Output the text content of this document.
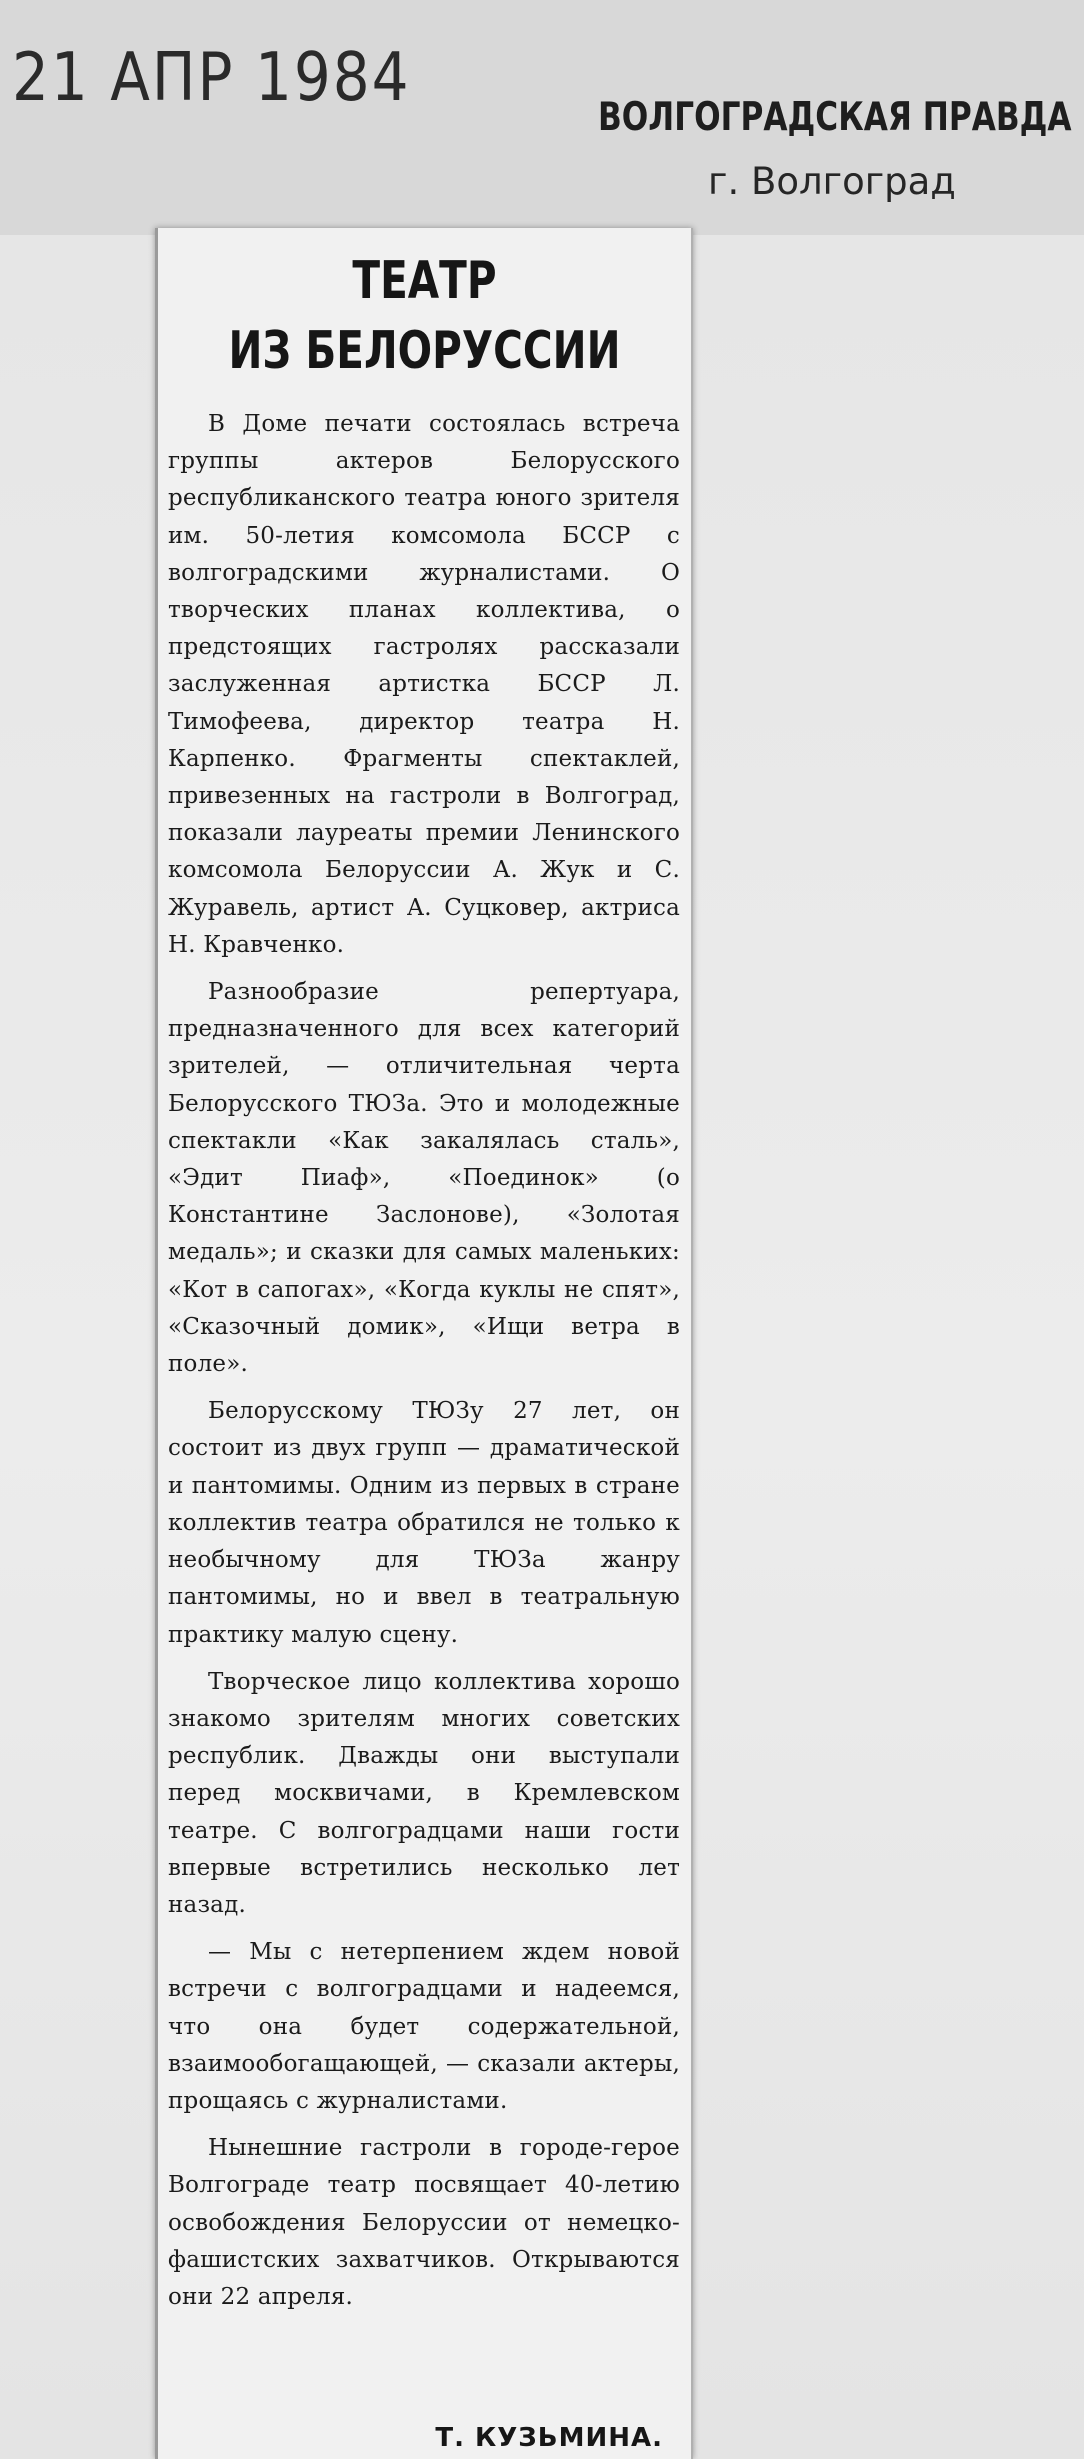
21 АПР 1984
ВОЛГОГРАДСКАЯ ПРАВДА
г. Волгоград
ТЕАТР
ИЗ БЕЛОРУССИИ

В Доме печати состоялась встреча группы актеров Белорусского республиканского театра юного зрителя им. 50-летия комсомола БССР с волгоградскими журналистами. О творческих планах коллектива, о предстоящих гастролях рассказали заслуженная артистка БССР Л. Тимофеева, директор театра Н. Карпенко. Фрагменты спектаклей, привезенных на гастроли в Волгоград, показали лауреаты премии Ленинского комсомола Белоруссии А. Жук и С. Журавель, артист А. Суцковер, актриса Н. Кравченко.

Разнообразие репертуара, предназначенного для всех категорий зрителей, — отличительная черта Белорусского ТЮЗа. Это и молодежные спектакли «Как закалялась сталь», «Эдит Пиаф», «Поединок» (о Константине Заслонове), «Золотая медаль»; и сказки для самых маленьких: «Кот в сапогах», «Когда куклы не спят», «Сказочный домик», «Ищи ветра в поле».

Белорусскому ТЮЗу 27 лет, он состоит из двух групп — драматической и пантомимы. Одним из первых в стране коллектив театра обратился не только к необычному для ТЮЗа жанру пантомимы, но и ввел в театральную практику малую сцену.

Творческое лицо коллектива хорошо знакомо зрителям многих советских республик. Дважды они выступали перед москвичами, в Кремлевском театре. С волгоградцами наши гости впервые встретились несколько лет назад.

— Мы с нетерпением ждем новой встречи с волгоградцами и надеемся, что она будет содержательной, взаимообогащающей, — сказали актеры, прощаясь с журналистами.

Нынешние гастроли в городе-герое Волгограде театр посвящает 40-летию освобождения Белоруссии от немецко-фашистских захватчиков. Открываются они 22 апреля.

Т. КУЗЬМИНА.
